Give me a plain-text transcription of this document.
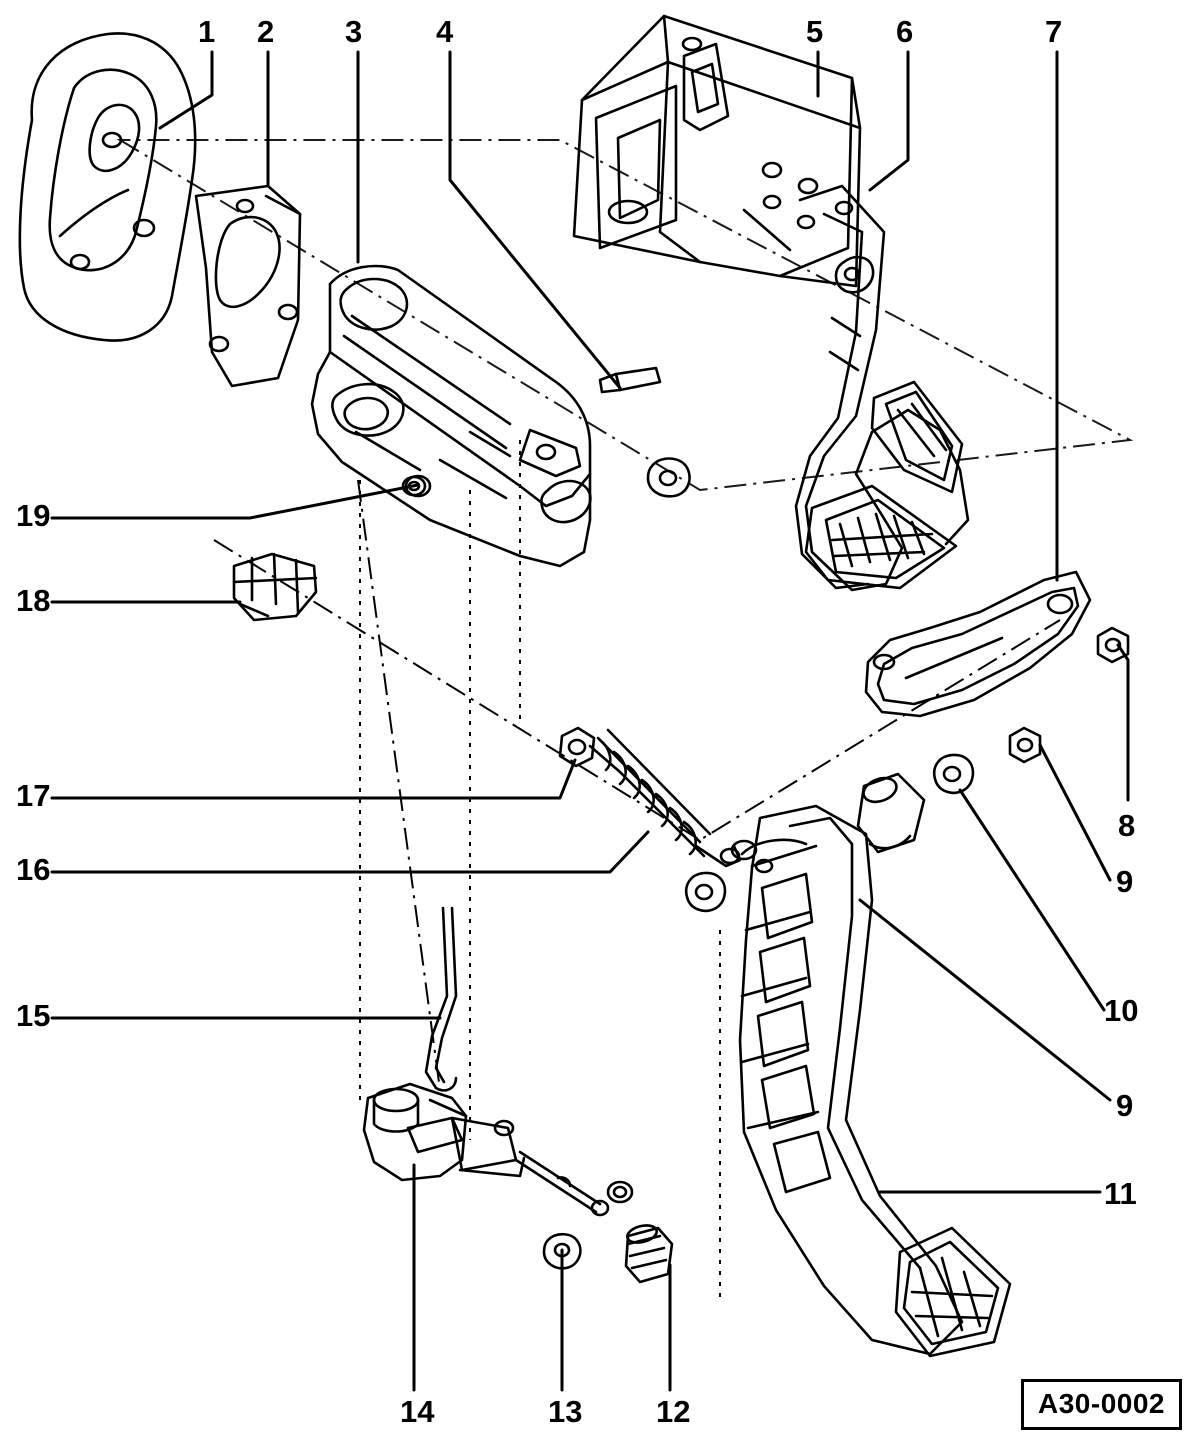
1 2 3 4	5 6	7
8
9
10
9
11
12
13
14
15
16
17
18
19
A30-0002
